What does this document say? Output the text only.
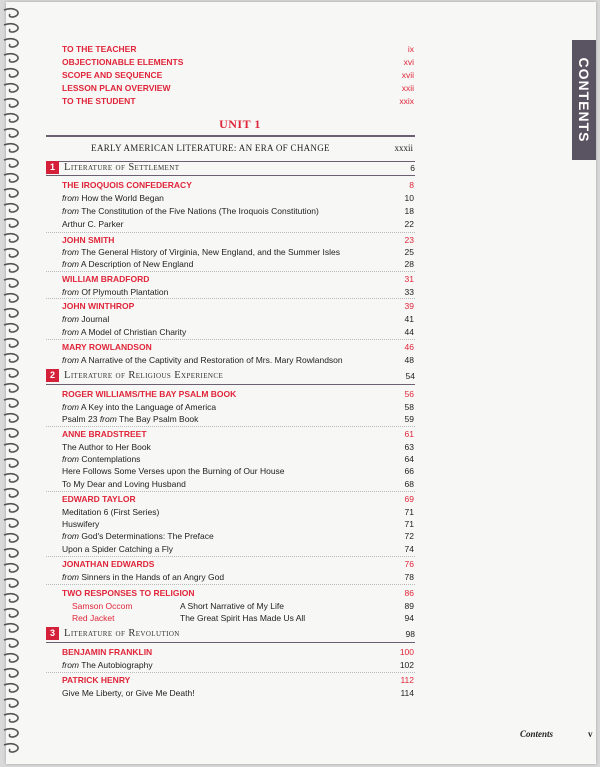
CONTENTS
TO THE TEACHER	ix
OBJECTIONABLE ELEMENTS	xvi
SCOPE AND SEQUENCE	xvii
LESSON PLAN OVERVIEW	xxii
TO THE STUDENT	xxix
UNIT 1
EARLY AMERICAN LITERATURE: AN ERA OF CHANGE	xxxii
1 Literature of Settlement	6
THE IROQUOIS CONFEDERACY	8
from How the World Began	10
from The Constitution of the Five Nations (The Iroquois Constitution)	18
Arthur C. Parker	22
JOHN SMITH	23
from The General History of Virginia, New England, and the Summer Isles	25
from A Description of New England	28
WILLIAM BRADFORD	31
from Of Plymouth Plantation	33
JOHN WINTHROP	39
from Journal	41
from A Model of Christian Charity	44
MARY ROWLANDSON	46
from A Narrative of the Captivity and Restoration of Mrs. Mary Rowlandson	48
2 Literature of Religious Experience	54
ROGER WILLIAMS/THE BAY PSALM BOOK	56
from A Key into the Language of America	58
Psalm 23 from The Bay Psalm Book	59
ANNE BRADSTREET	61
The Author to Her Book	63
from Contemplations	64
Here Follows Some Verses upon the Burning of Our House	66
To My Dear and Loving Husband	68
EDWARD TAYLOR	69
Meditation 6 (First Series)	71
Huswifery	71
from God's Determinations: The Preface	72
Upon a Spider Catching a Fly	74
JONATHAN EDWARDS	76
from Sinners in the Hands of an Angry God	78
TWO RESPONSES TO RELIGION	86
Samson Occom	A Short Narrative of My Life	89
Red Jacket	The Great Spirit Has Made Us All	94
3 Literature of Revolution	98
BENJAMIN FRANKLIN	100
from The Autobiography	102
PATRICK HENRY	112
Give Me Liberty, or Give Me Death!	114
Contents	v
